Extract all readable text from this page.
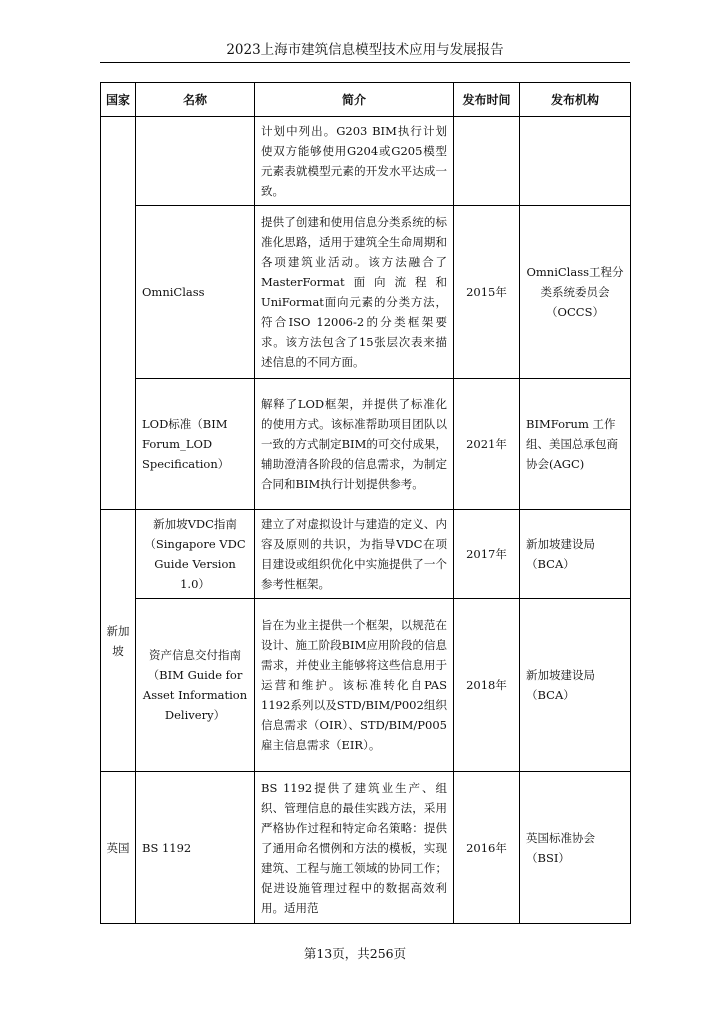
2023上海市建筑信息模型技术应用与发展报告
国家	名称	简介	发布时间	发布机构
		计划中列出。G203 BIM执行计划使双方能够使用G204或G205模型元素表就模型元素的开发水平达成一致。		
	OmniClass	提供了创建和使用信息分类系统的标准化思路，适用于建筑全生命周期和各项建筑业活动。该方法融合了MasterFormat面向流程和UniFormat面向元素的分类方法，符合ISO 12006-2的分类框架要求。该方法包含了15张层次表来描述信息的不同方面。	2015年	OmniClass工程分类系统委员会（OCCS）
	LOD标准（BIM Forum_LOD Specification）	解释了LOD框架，并提供了标准化的使用方式。该标准帮助项目团队以一致的方式制定BIM的可交付成果，辅助澄清各阶段的信息需求，为制定合同和BIM执行计划提供参考。	2021年	BIMForum 工作组、美国总承包商协会(AGC)
新加坡	新加坡VDC指南（Singapore VDC Guide Version 1.0）	建立了对虚拟设计与建造的定义、内容及原则的共识，为指导VDC在项目建设或组织优化中实施提供了一个参考性框架。	2017年	新加坡建设局（BCA）
	资产信息交付指南（BIM Guide for Asset Information Delivery）	旨在为业主提供一个框架，以规范在设计、施工阶段BIM应用阶段的信息需求，并使业主能够将这些信息用于运营和维护。该标准转化自PAS 1192系列以及STD/BIM/P002组织信息需求（OIR）、STD/BIM/P005雇主信息需求（EIR）。	2018年	新加坡建设局（BCA）
英国	BS 1192	BS 1192提供了建筑业生产、组织、管理信息的最佳实践方法，采用严格协作过程和特定命名策略：提供了通用命名惯例和方法的模板，实现建筑、工程与施工领域的协同工作；促进设施管理过程中的数据高效利用。适用范	2016年	英国标准协会（BSI）
第13页，共256页
